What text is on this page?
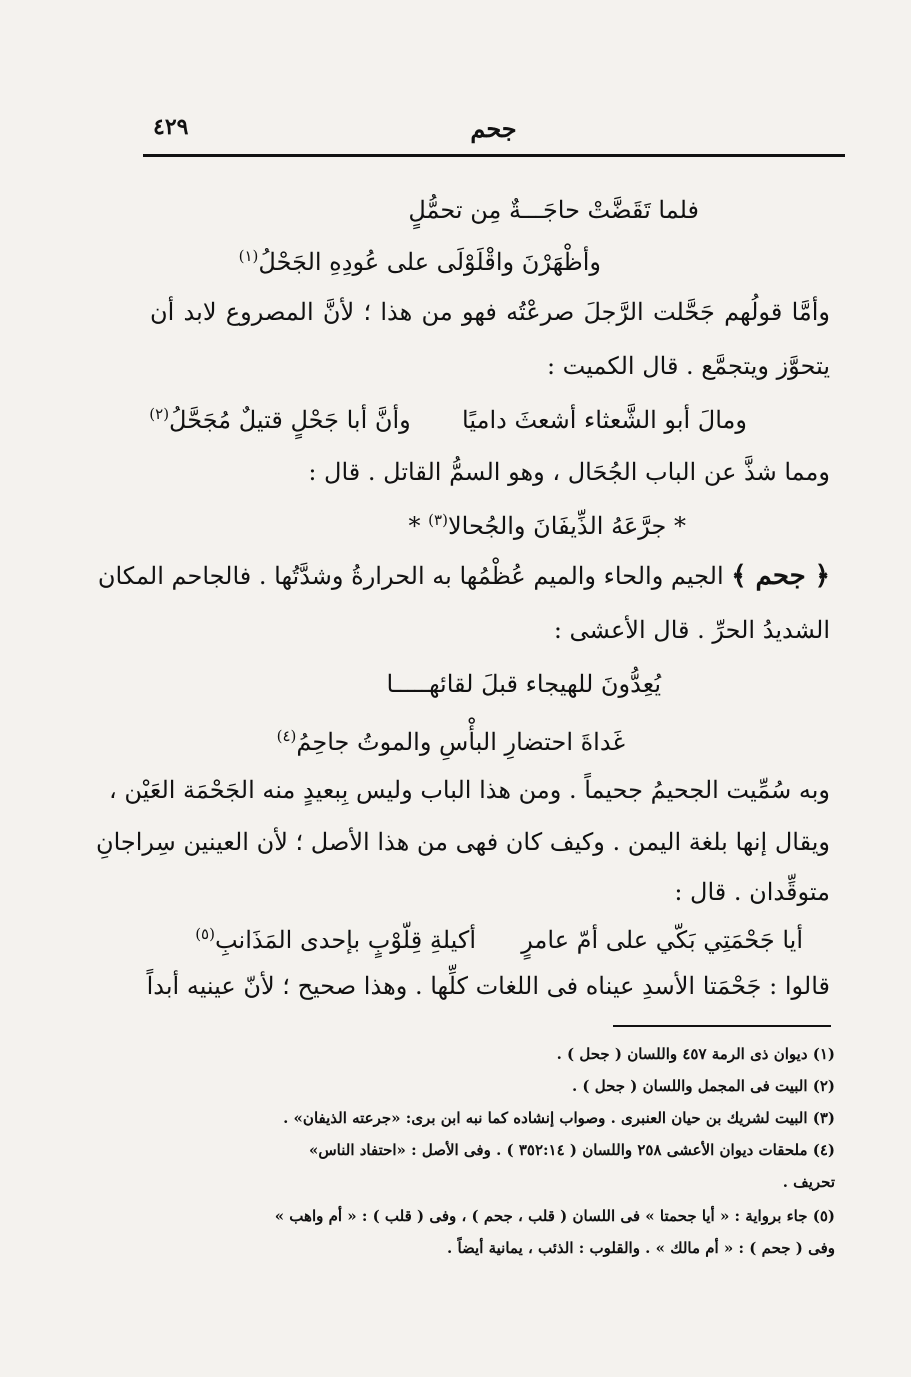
٤٢٩	جحم
فلما تَقَضَّتْ حاجَـــةٌ مِن تحمُّلٍ
وأظْهَرْنَ واقْلَوْلَى على عُودِهِ الجَحْلُ$^{(١)}$
وأمَّا قولُهم جَحَّلت الرَّجلَ صرعْتُه فهو من هذا ؛ لأنَّ المصروع لابد أن
يتحوَّز ويتجمَّع . قال الكميت :
ومالَ أبو الشَّعثاء أشعثَ داميًا  وأنَّ أبا جَحْلٍ قتيلٌ مُجَحَّلُ$^{(٢)}$
ومما شذَّ عن الباب الجُحَال ، وهو السمُّ القاتل . قال :
* جرَّعَهُ الذِّيفَانَ والجُحالا$^{(٣)}$ *
﴿ جحم ﴾ الجيم والحاء والميم عُظْمُها به الحرارةُ وشدَّتُها . فالجاحم المكان
الشديدُ الحرِّ . قال الأعشى :
يُعِدُّونَ للهيجاء قبلَ لقائهـــــا
غَداةَ احتضارِ البأْسِ والموتُ جاحِمُ$^{(٤)}$
وبه سُمِّيت الجحيمُ جحيماً . ومن هذا الباب وليس بِبعيدٍ منه الجَحْمَة العَيْن ،
ويقال إنها بلغة اليمن . وكيف كان فهى من هذا الأصل ؛ لأن العينين سِراجانِ
متوقِّدان . قال :
أيا جَحْمَتِي بَكّي على أمّ عامرٍ  أكيلةِ قِلّوْبٍ بإحدى المَذَانبِ$^{(٥)}$
قالوا : جَحْمَتا الأسدِ عيناه فى اللغات كلِّها . وهذا صحيح ؛ لأنّ عينيه أبداً
(١) ديوان ذى الرمة ٤٥٧ واللسان ( جحل ) .
(٢) البيت فى المجمل واللسان ( جحل ) .
(٣) البيت لشريك بن حيان العنبرى . وصواب إنشاده كما نبه ابن برى: «جرعته الذيفان» .
(٤) ملحقات ديوان الأعشى ٢٥٨ واللسان ( ٣٥٢:١٤ ) . وفى الأصل : «احتفاد الناس»
تحريف .
(٥) جاء برواية : « أيا جحمتا » فى اللسان ( قلب ، جحم ) ، وفى ( قلب ) : « أم واهب »
وفى ( جحم ) : « أم مالك » . والقلوب : الذئب ، يمانية أيضاً .
